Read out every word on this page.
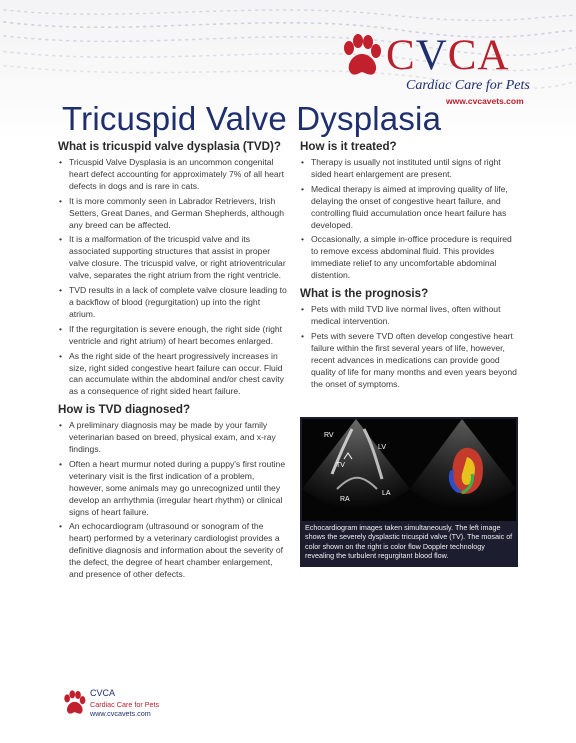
CVCA
Cardiac Care for Pets
www.cvcavets.com
Tricuspid Valve Dysplasia
What is tricuspid valve dysplasia (TVD)?
• Tricuspid Valve Dysplasia is an uncommon congenital heart defect accounting for approximately 7% of all heart defects in dogs and is rare in cats.
• It is more commonly seen in Labrador Retrievers, Irish Setters, Great Danes, and German Shepherds, although any breed can be affected.
• It is a malformation of the tricuspid valve and its associated supporting structures that assist in proper valve closure. The tricuspid valve, or right atrioventricular valve, separates the right atrium from the right ventricle.
• TVD results in a lack of complete valve closure leading to a backflow of blood (regurgitation) up into the right atrium.
• If the regurgitation is severe enough, the right side (right ventricle and right atrium) of heart becomes enlarged.
• As the right side of the heart progressively increases in size, right sided congestive heart failure can occur. Fluid can accumulate within the abdominal and/or chest cavity as a consequence of right sided heart failure.
How is TVD diagnosed?
• A preliminary diagnosis may be made by your family veterinarian based on breed, physical exam, and x-ray findings.
• Often a heart murmur noted during a puppy's first routine veterinary visit is the first indication of a problem, however, some animals may go unrecognized until they develop an arrhythmia (irregular heart rhythm) or clinical signs of heart failure.
• An echocardiogram (ultrasound or sonogram of the heart) performed by a veterinary cardiologist provides a definitive diagnosis and information about the severity of the defect, the degree of heart chamber enlargement, and presence of other defects.
How is it treated?
• Therapy is usually not instituted until signs of right sided heart enlargement are present.
• Medical therapy is aimed at improving quality of life, delaying the onset of congestive heart failure, and controlling fluid accumulation once heart failure has developed.
• Occasionally, a simple in-office procedure is required to remove excess abdominal fluid. This provides immediate relief to any uncomfortable abdominal distention.
What is the prognosis?
• Pets with mild TVD live normal lives, often without medical intervention.
• Pets with severe TVD often develop congestive heart failure within the first several years of life, however, recent advances in medications can provide good quality of life for many months and even years beyond the onset of symptoms.
RV
LV
TV
RA
LA
Echocardiogram images taken simultaneously. The left image shows the severely dysplastic tricuspid valve (TV). The mosaic of color shown on the right is color flow Doppler technology revealing the turbulent regurgitant blood flow.
CVCA
Cardiac Care for Pets
www.cvcavets.com
